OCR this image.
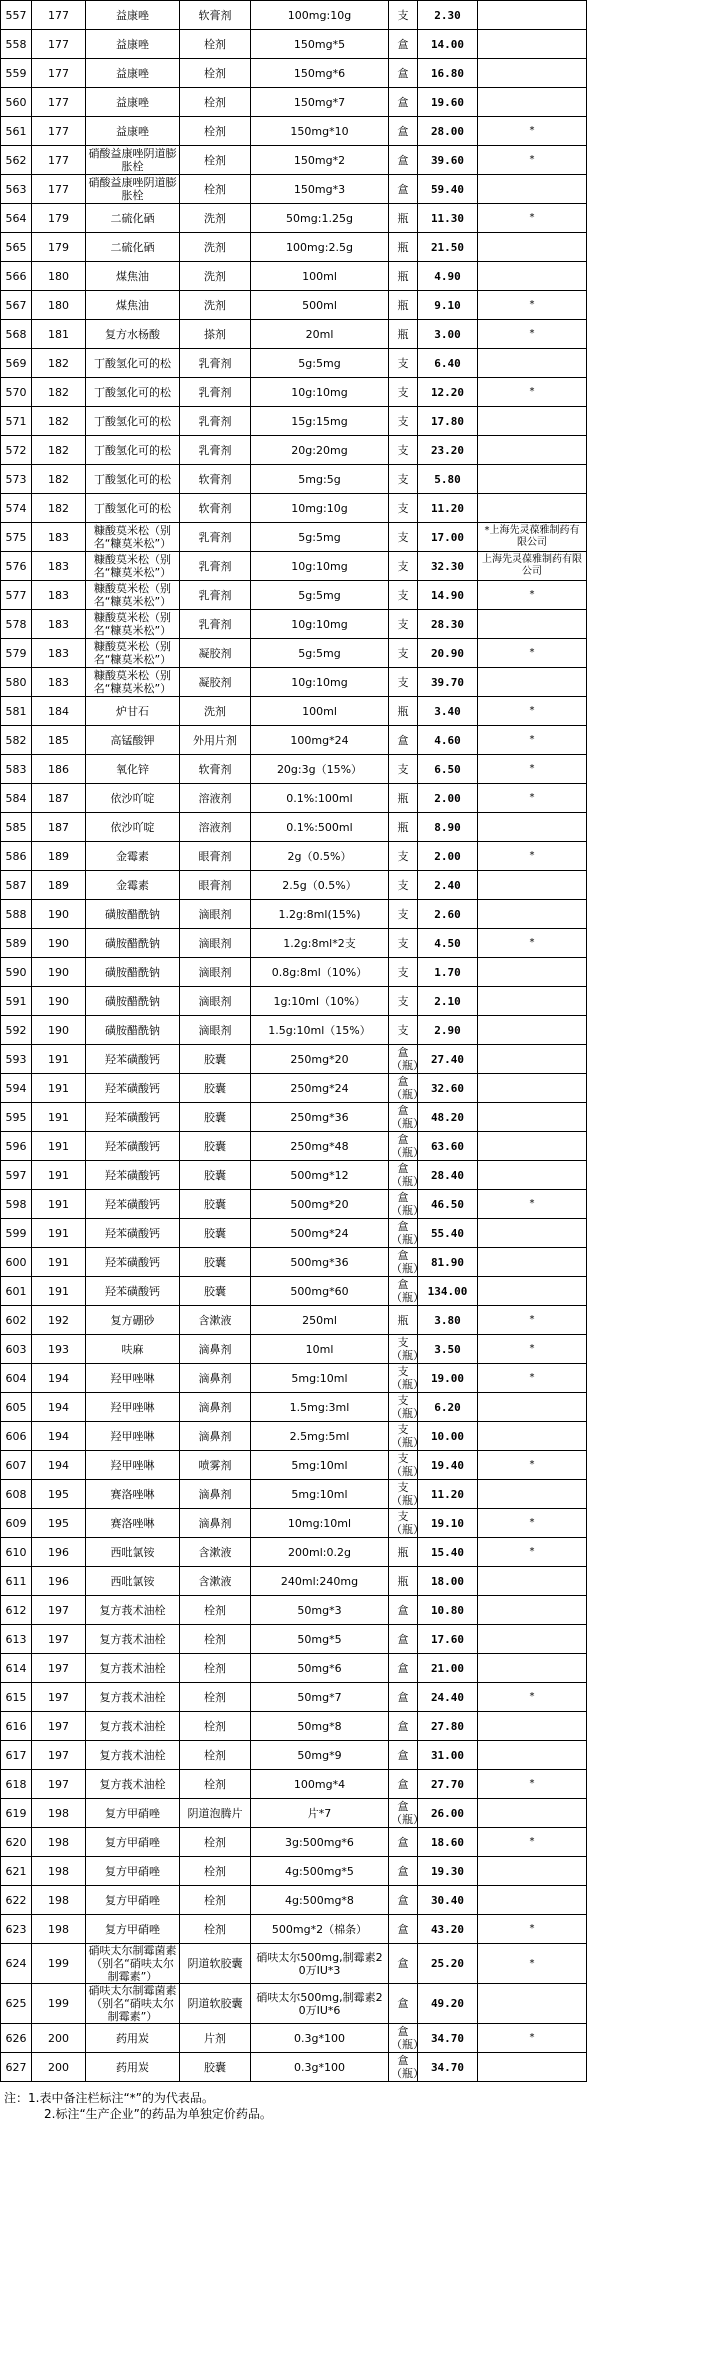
557	177	益康唑	软膏剂	100mg:10g	支	2.30	
558	177	益康唑	栓剂	150mg*5	盒	14.00	
559	177	益康唑	栓剂	150mg*6	盒	16.80	
560	177	益康唑	栓剂	150mg*7	盒	19.60	
561	177	益康唑	栓剂	150mg*10	盒	28.00	*
562	177	硝酸益康唑阴道膨胀栓	栓剂	150mg*2	盒	39.60	*
563	177	硝酸益康唑阴道膨胀栓	栓剂	150mg*3	盒	59.40	
564	179	二硫化硒	洗剂	50mg:1.25g	瓶	11.30	*
565	179	二硫化硒	洗剂	100mg:2.5g	瓶	21.50	
566	180	煤焦油	洗剂	100ml	瓶	4.90	
567	180	煤焦油	洗剂	500ml	瓶	9.10	*
568	181	复方水杨酸	搽剂	20ml	瓶	3.00	*
569	182	丁酸氢化可的松	乳膏剂	5g:5mg	支	6.40	
570	182	丁酸氢化可的松	乳膏剂	10g:10mg	支	12.20	*
571	182	丁酸氢化可的松	乳膏剂	15g:15mg	支	17.80	
572	182	丁酸氢化可的松	乳膏剂	20g:20mg	支	23.20	
573	182	丁酸氢化可的松	软膏剂	5mg:5g	支	5.80	
574	182	丁酸氢化可的松	软膏剂	10mg:10g	支	11.20	
575	183	糠酸莫米松（别名“糠莫米松”）	乳膏剂	5g:5mg	支	17.00	*上海先灵葆雅制药有限公司
576	183	糠酸莫米松（别名“糠莫米松”）	乳膏剂	10g:10mg	支	32.30	上海先灵葆雅制药有限公司
577	183	糠酸莫米松（别名“糠莫米松”）	乳膏剂	5g:5mg	支	14.90	*
578	183	糠酸莫米松（别名“糠莫米松”）	乳膏剂	10g:10mg	支	28.30	
579	183	糠酸莫米松（别名“糠莫米松”）	凝胶剂	5g:5mg	支	20.90	*
580	183	糠酸莫米松（别名“糠莫米松”）	凝胶剂	10g:10mg	支	39.70	
581	184	炉甘石	洗剂	100ml	瓶	3.40	*
582	185	高锰酸钾	外用片剂	100mg*24	盒	4.60	*
583	186	氧化锌	软膏剂	20g:3g（15%）	支	6.50	*
584	187	依沙吖啶	溶液剂	0.1%:100ml	瓶	2.00	*
585	187	依沙吖啶	溶液剂	0.1%:500ml	瓶	8.90	
586	189	金霉素	眼膏剂	2g（0.5%）	支	2.00	*
587	189	金霉素	眼膏剂	2.5g（0.5%）	支	2.40	
588	190	磺胺醋酰钠	滴眼剂	1.2g:8ml(15%)	支	2.60	
589	190	磺胺醋酰钠	滴眼剂	1.2g:8ml*2支	支	4.50	*
590	190	磺胺醋酰钠	滴眼剂	0.8g:8ml（10%）	支	1.70	
591	190	磺胺醋酰钠	滴眼剂	1g:10ml（10%）	支	2.10	
592	190	磺胺醋酰钠	滴眼剂	1.5g:10ml（15%）	支	2.90	
593	191	羟苯磺酸钙	胶囊	250mg*20	盒（瓶）	27.40	
594	191	羟苯磺酸钙	胶囊	250mg*24	盒（瓶）	32.60	
595	191	羟苯磺酸钙	胶囊	250mg*36	盒（瓶）	48.20	
596	191	羟苯磺酸钙	胶囊	250mg*48	盒（瓶）	63.60	
597	191	羟苯磺酸钙	胶囊	500mg*12	盒（瓶）	28.40	
598	191	羟苯磺酸钙	胶囊	500mg*20	盒（瓶）	46.50	*
599	191	羟苯磺酸钙	胶囊	500mg*24	盒（瓶）	55.40	
600	191	羟苯磺酸钙	胶囊	500mg*36	盒（瓶）	81.90	
601	191	羟苯磺酸钙	胶囊	500mg*60	盒（瓶）	134.00	
602	192	复方硼砂	含漱液	250ml	瓶	3.80	*
603	193	呋麻	滴鼻剂	10ml	支（瓶）	3.50	*
604	194	羟甲唑啉	滴鼻剂	5mg:10ml	支（瓶）	19.00	*
605	194	羟甲唑啉	滴鼻剂	1.5mg:3ml	支（瓶）	6.20	
606	194	羟甲唑啉	滴鼻剂	2.5mg:5ml	支（瓶）	10.00	
607	194	羟甲唑啉	喷雾剂	5mg:10ml	支（瓶）	19.40	*
608	195	赛洛唑啉	滴鼻剂	5mg:10ml	支（瓶）	11.20	
609	195	赛洛唑啉	滴鼻剂	10mg:10ml	支（瓶）	19.10	*
610	196	西吡氯铵	含漱液	200ml:0.2g	瓶	15.40	*
611	196	西吡氯铵	含漱液	240ml:240mg	瓶	18.00	
612	197	复方莪术油栓	栓剂	50mg*3	盒	10.80	
613	197	复方莪术油栓	栓剂	50mg*5	盒	17.60	
614	197	复方莪术油栓	栓剂	50mg*6	盒	21.00	
615	197	复方莪术油栓	栓剂	50mg*7	盒	24.40	*
616	197	复方莪术油栓	栓剂	50mg*8	盒	27.80	
617	197	复方莪术油栓	栓剂	50mg*9	盒	31.00	
618	197	复方莪术油栓	栓剂	100mg*4	盒	27.70	*
619	198	复方甲硝唑	阴道泡腾片	片*7	盒（瓶）	26.00	
620	198	复方甲硝唑	栓剂	3g:500mg*6	盒	18.60	*
621	198	复方甲硝唑	栓剂	4g:500mg*5	盒	19.30	
622	198	复方甲硝唑	栓剂	4g:500mg*8	盒	30.40	
623	198	复方甲硝唑	栓剂	500mg*2（棉条）	盒	43.20	*
624	199	硝呋太尔制霉菌素（别名“硝呋太尔制霉素”）	阴道软胶囊	硝呋太尔500mg,制霉素20万IU*3	盒	25.20	*
625	199	硝呋太尔制霉菌素（别名“硝呋太尔制霉素”）	阴道软胶囊	硝呋太尔500mg,制霉素20万IU*6	盒	49.20	
626	200	药用炭	片剂	0.3g*100	盒（瓶）	34.70	*
627	200	药用炭	胶囊	0.3g*100	盒（瓶）	34.70	
注：1.表中备注栏标注“*”的为代表品。
2.标注“生产企业”的药品为单独定价药品。
